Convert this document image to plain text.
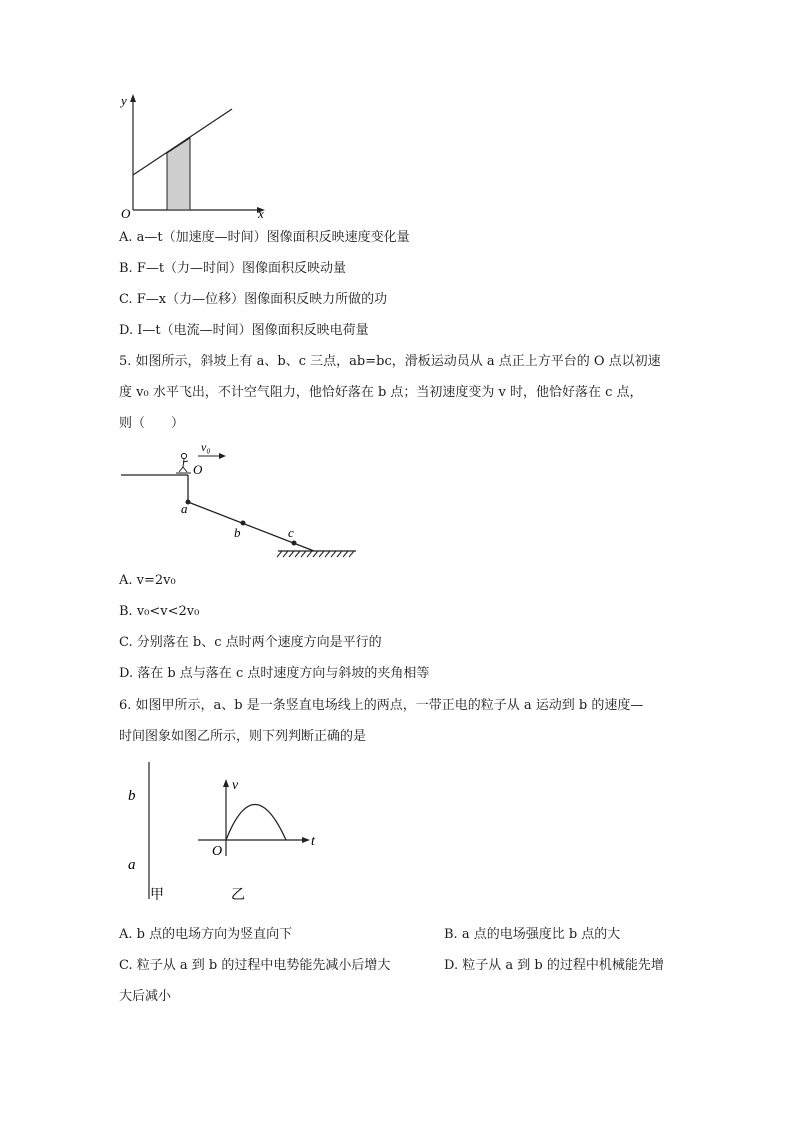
y
x
O
A. a—t（加速度—时间）图像面积反映速度变化量
B. F—t（力—时间）图像面积反映动量
C. F—x（力—位移）图像面积反映力所做的功
D. I—t（电流—时间）图像面积反映电荷量
5. 如图所示，斜坡上有 a、b、c 三点，ab=bc，滑板运动员从 a 点正上方平台的 O 点以初速
度 v₀ 水平飞出，不计空气阻力，他恰好落在 b 点；当初速度变为 v 时，他恰好落在 c 点，
则（　　）
v₀
O
a
b	c
A. v=2v₀
B. v₀<v<2v₀
C. 分别落在 b、c 点时两个速度方向是平行的
D. 落在 b 点与落在 c 点时速度方向与斜坡的夹角相等
6. 如图甲所示，a、b 是一条竖直电场线上的两点，一带正电的粒子从 a 运动到 b 的速度—
时间图象如图乙所示，则下列判断正确的是
b
a
甲
v
t
O
乙
A. b 点的电场方向为竖直向下	B. a 点的电场强度比 b 点的大
C. 粒子从 a 到 b 的过程中电势能先减小后增大	D. 粒子从 a 到 b 的过程中机械能先增
大后减小
